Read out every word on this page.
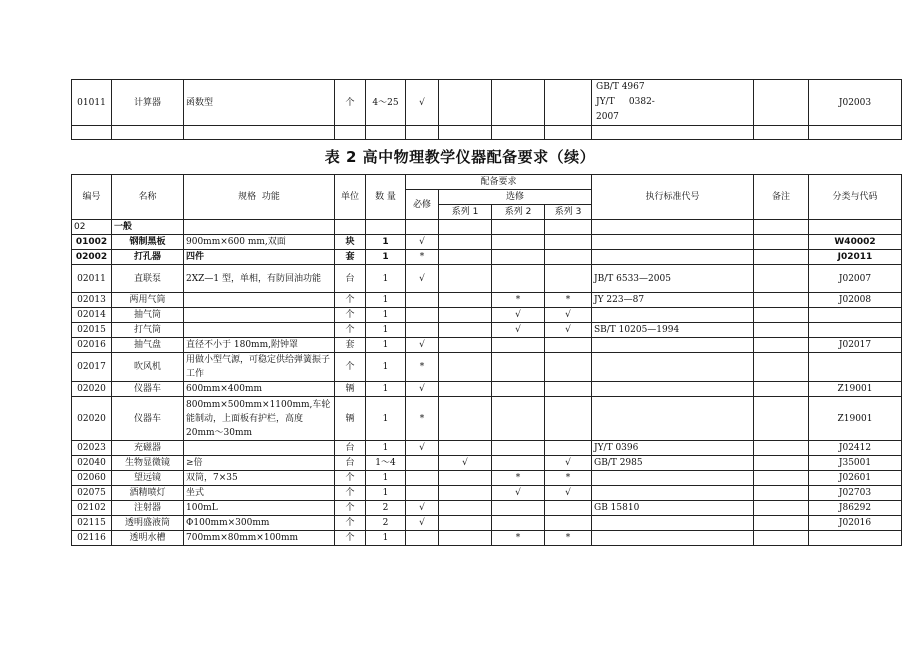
01011	计算器	函数型	个	4～25	√				GB/T 4967
JY/T     0382-
2007		J02003

表 2 高中物理教学仪器配备要求（续）
编号	名称	规格  功能	单位	数 量	配备要求				执行标准代号	备注	分类与代码
					必修	选修					
						系列 1	系列 2	系列 3			
02	一般										
01002	钢制黑板	900mm×600 mm,双面	块	1	√						W40002
02002	打孔器	四件	套	1	*						J02011
02011	直联泵	2XZ—1 型，单相，有防回油功能	台	1	√				JB/T 6533—2005		J02007
02013	两用气筒		个	1			*	*	JY 223—87		J02008
02014	抽气筒		个	1			√	√			
02015	打气筒		个	1			√	√	SB/T 10205—1994		
02016	抽气盘	直径不小于 180mm,附钟罩	套	1	√						J02017
02017	吹风机	用做小型气源，可稳定供给弹簧振子工作	个	1	*						
02020	仪器车	600mm×400mm	辆	1	√						Z19001
02020	仪器车	800mm×500mm×1100mm,车轮能制动，上面板有护栏，高度 20mm～30mm	辆	1	*						Z19001
02023	充磁器		台	1	√				JY/T 0396		J02412
02040	生物显微镜	≥倍	台	1～4		√		√	GB/T 2985		J35001
02060	望远镜	双筒，7×35	个	1			*	*			J02601
02075	酒精喷灯	坐式	个	1			√	√			J02703
02102	注射器	100mL	个	2	√				GB 15810		J86292
02115	透明盛液筒	Φ100mm×300mm	个	2	√						J02016
02116	透明水槽	700mm×80mm×100mm	个	1			*	*			
